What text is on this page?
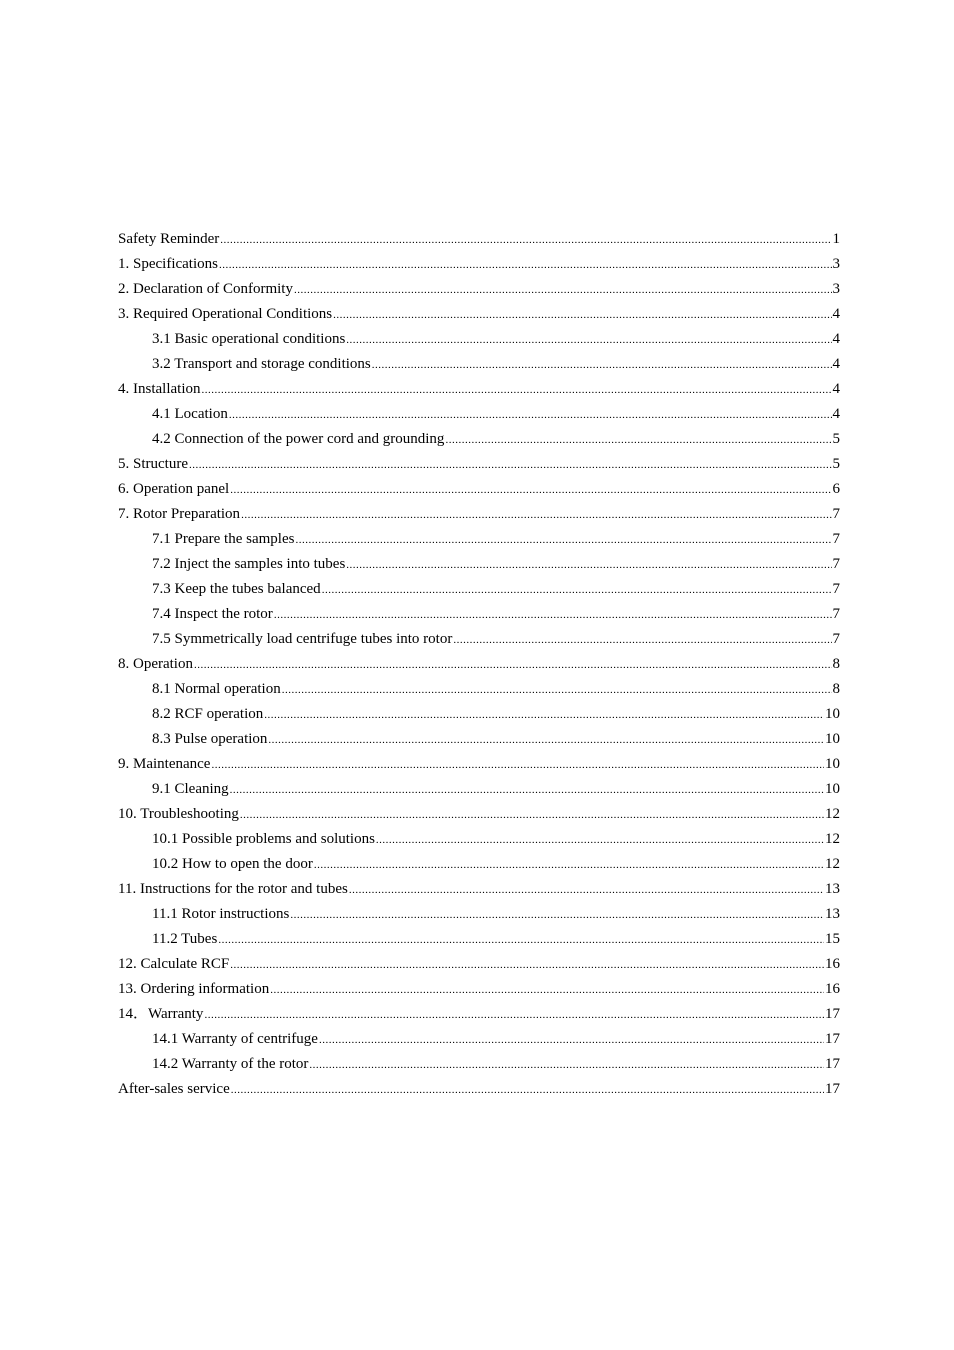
Safety Reminder .....	1
1. Specifications .....	3
2. Declaration of Conformity .....	3
3. Required Operational Conditions .....	4
3.1 Basic operational conditions .....	4
3.2 Transport and storage conditions .....	4
4. Installation .....	4
4.1 Location .....	4
4.2 Connection of the power cord and grounding .....	5
5. Structure .....	5
6. Operation panel .....	6
7. Rotor Preparation .....	7
7.1 Prepare the samples .....	7
7.2 Inject the samples into tubes .....	7
7.3 Keep the tubes balanced .....	7
7.4 Inspect the rotor .....	7
7.5 Symmetrically load centrifuge tubes into rotor .....	7
8. Operation .....	8
8.1 Normal operation .....	8
8.2 RCF operation .....	10
8.3 Pulse operation .....	10
9. Maintenance .....	10
9.1 Cleaning .....	10
10. Troubleshooting .....	12
10.1 Possible problems and solutions .....	12
10.2 How to open the door .....	12
11. Instructions for the rotor and tubes .....	13
11.1 Rotor instructions .....	13
11.2 Tubes .....	15
12. Calculate RCF .....	16
13. Ordering information .....	16
14．Warranty .....	17
14.1 Warranty of centrifuge .....	17
14.2 Warranty of the rotor .....	17
After-sales service .....	17
